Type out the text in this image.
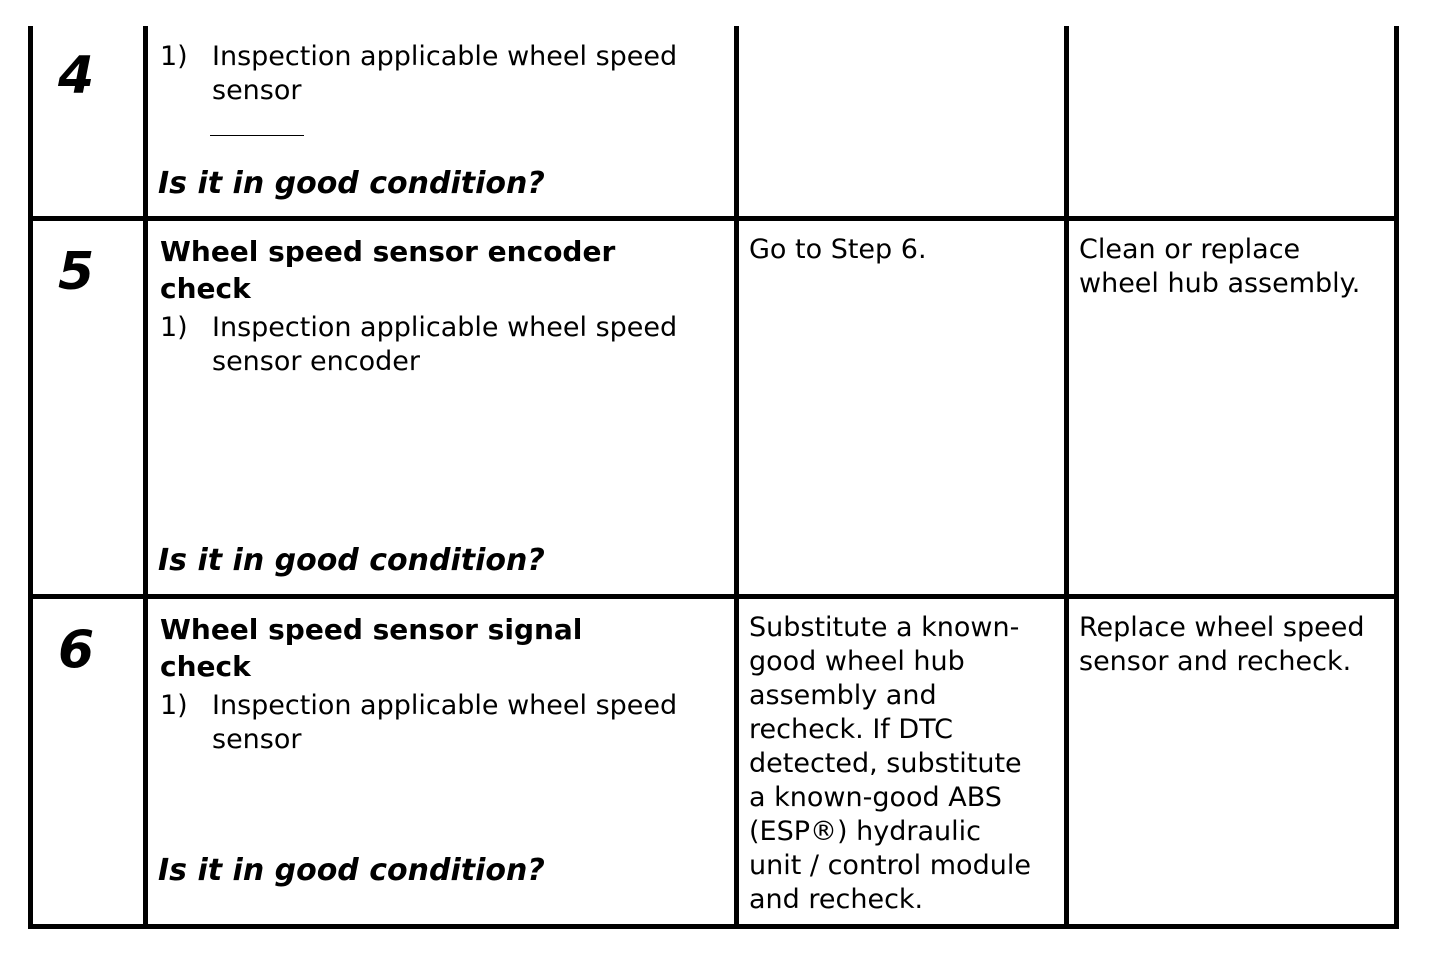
4 1) Inspection applicable wheel speed sensor
Is it in good condition?
5 Wheel speed sensor encoder check

1) Inspection applicable wheel speed sensor encoder
Is it in good condition?
Go to Step 6.	Clean or replace
wheel hub assembly.
6 Wheel speed sensor signal check

1) Inspection applicable wheel speed sensor
Is it in good condition?
Substitute a known-
good wheel hub
assembly and
recheck. If DTC
detected, substitute
a known-good ABS
(ESP®) hydraulic
unit / control module
and recheck.
Replace wheel speed
sensor and recheck.
